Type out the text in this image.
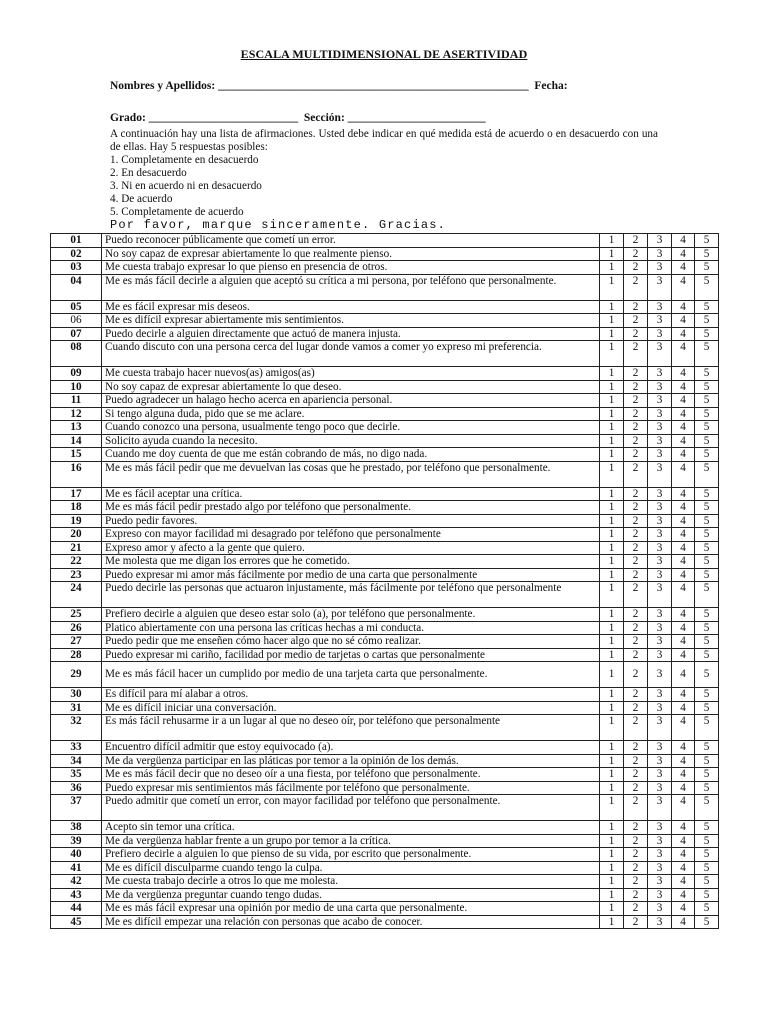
ESCALA MULTIDIMENSIONAL DE ASERTIVIDAD
Nombres y Apellidos: ______________________________________________________ Fecha:
Grado: __________________________ Sección: ________________________
A continuación hay una lista de afirmaciones. Usted debe indicar en qué medida está de acuerdo o en desacuerdo con una de ellas. Hay 5 respuestas posibles:
1. Completamente en desacuerdo
2. En desacuerdo
3. Ni en acuerdo ni en desacuerdo
4. De acuerdo
5. Completamente de acuerdo
Por favor, marque sinceramente. Gracias.
01	Puedo reconocer públicamente que cometí un error.	1	2	3	4	5
02	No soy capaz de expresar abiertamente lo que realmente pienso.	1	2	3	4	5
03	Me cuesta trabajo expresar lo que pienso en presencia de otros.	1	2	3	4	5
04	Me es más fácil decirle a alguien que aceptó su crítica a mi persona, por teléfono que personalmente.	1	2	3	4	5
05	Me es fácil expresar mis deseos.	1	2	3	4	5
06	Me es difícil expresar abiertamente mis sentimientos.	1	2	3	4	5
07	Puedo decirle a alguien directamente que actuó de manera injusta.	1	2	3	4	5
08	Cuando discuto con una persona cerca del lugar donde vamos a comer yo expreso mi preferencia.	1	2	3	4	5
09	Me cuesta trabajo hacer nuevos(as) amigos(as)	1	2	3	4	5
10	No soy capaz de expresar abiertamente lo que deseo.	1	2	3	4	5
11	Puedo agradecer un halago hecho acerca en apariencia personal.	1	2	3	4	5
12	Si tengo alguna duda, pido que se me aclare.	1	2	3	4	5
13	Cuando conozco una persona, usualmente tengo poco que decirle.	1	2	3	4	5
14	Solicito ayuda cuando la necesito.	1	2	3	4	5
15	Cuando me doy cuenta de que me están cobrando de más, no digo nada.	1	2	3	4	5
16	Me es más fácil pedir que me devuelvan las cosas que he prestado, por teléfono que personalmente.	1	2	3	4	5
17	Me es fácil aceptar una crítica.	1	2	3	4	5
18	Me es más fácil pedir prestado algo por teléfono que personalmente.	1	2	3	4	5
19	Puedo pedir favores.	1	2	3	4	5
20	Expreso con mayor facilidad mi desagrado por teléfono que personalmente	1	2	3	4	5
21	Expreso amor y afecto a la gente que quiero.	1	2	3	4	5
22	Me molesta que me digan los errores que he cometido.	1	2	3	4	5
23	Puedo expresar mi amor más fácilmente por medio de una carta que personalmente	1	2	3	4	5
24	Puedo decirle las personas que actuaron injustamente, más fácilmente por teléfono que personalmente	1	2	3	4	5
25	Prefiero decirle a alguien que deseo estar solo (a), por teléfono que personalmente.	1	2	3	4	5
26	Platico abiertamente con una persona las críticas hechas a mi conducta.	1	2	3	4	5
27	Puedo pedir que me enseñen cómo hacer algo que no sé cómo realizar.	1	2	3	4	5
28	Puedo expresar mi cariño, facilidad por medio de tarjetas o cartas que personalmente	1	2	3	4	5
29	Me es más fácil hacer un cumplido por medio de una tarjeta carta que personalmente.	1	2	3	4	5
30	Es difícil para mí alabar a otros.	1	2	3	4	5
31	Me es difícil iniciar una conversación.	1	2	3	4	5
32	Es más fácil rehusarme ir a un lugar al que no deseo oír, por teléfono que personalmente	1	2	3	4	5
33	Encuentro difícil admitir que estoy equivocado (a).	1	2	3	4	5
34	Me da vergüenza participar en las pláticas por temor a la opinión de los demás.	1	2	3	4	5
35	Me es más fácil decir que no deseo oír a una fiesta, por teléfono que personalmente.	1	2	3	4	5
36	Puedo expresar mis sentimientos más fácilmente por teléfono que personalmente.	1	2	3	4	5
37	Puedo admitir que cometí un error, con mayor facilidad por teléfono que personalmente.	1	2	3	4	5
38	Acepto sin temor una crítica.	1	2	3	4	5
39	Me da vergüenza hablar frente a un grupo por temor a la crítica.	1	2	3	4	5
40	Prefiero decirle a alguien lo que pienso de su vida, por escrito que personalmente.	1	2	3	4	5
41	Me es difícil disculparme cuando tengo la culpa.	1	2	3	4	5
42	Me cuesta trabajo decirle a otros lo que me molesta.	1	2	3	4	5
43	Me da vergüenza preguntar cuando tengo dudas.	1	2	3	4	5
44	Me es más fácil expresar una opinión por medio de una carta que personalmente.	1	2	3	4	5
45	Me es difícil empezar una relación con personas que acabo de conocer.	1	2	3	4	5
